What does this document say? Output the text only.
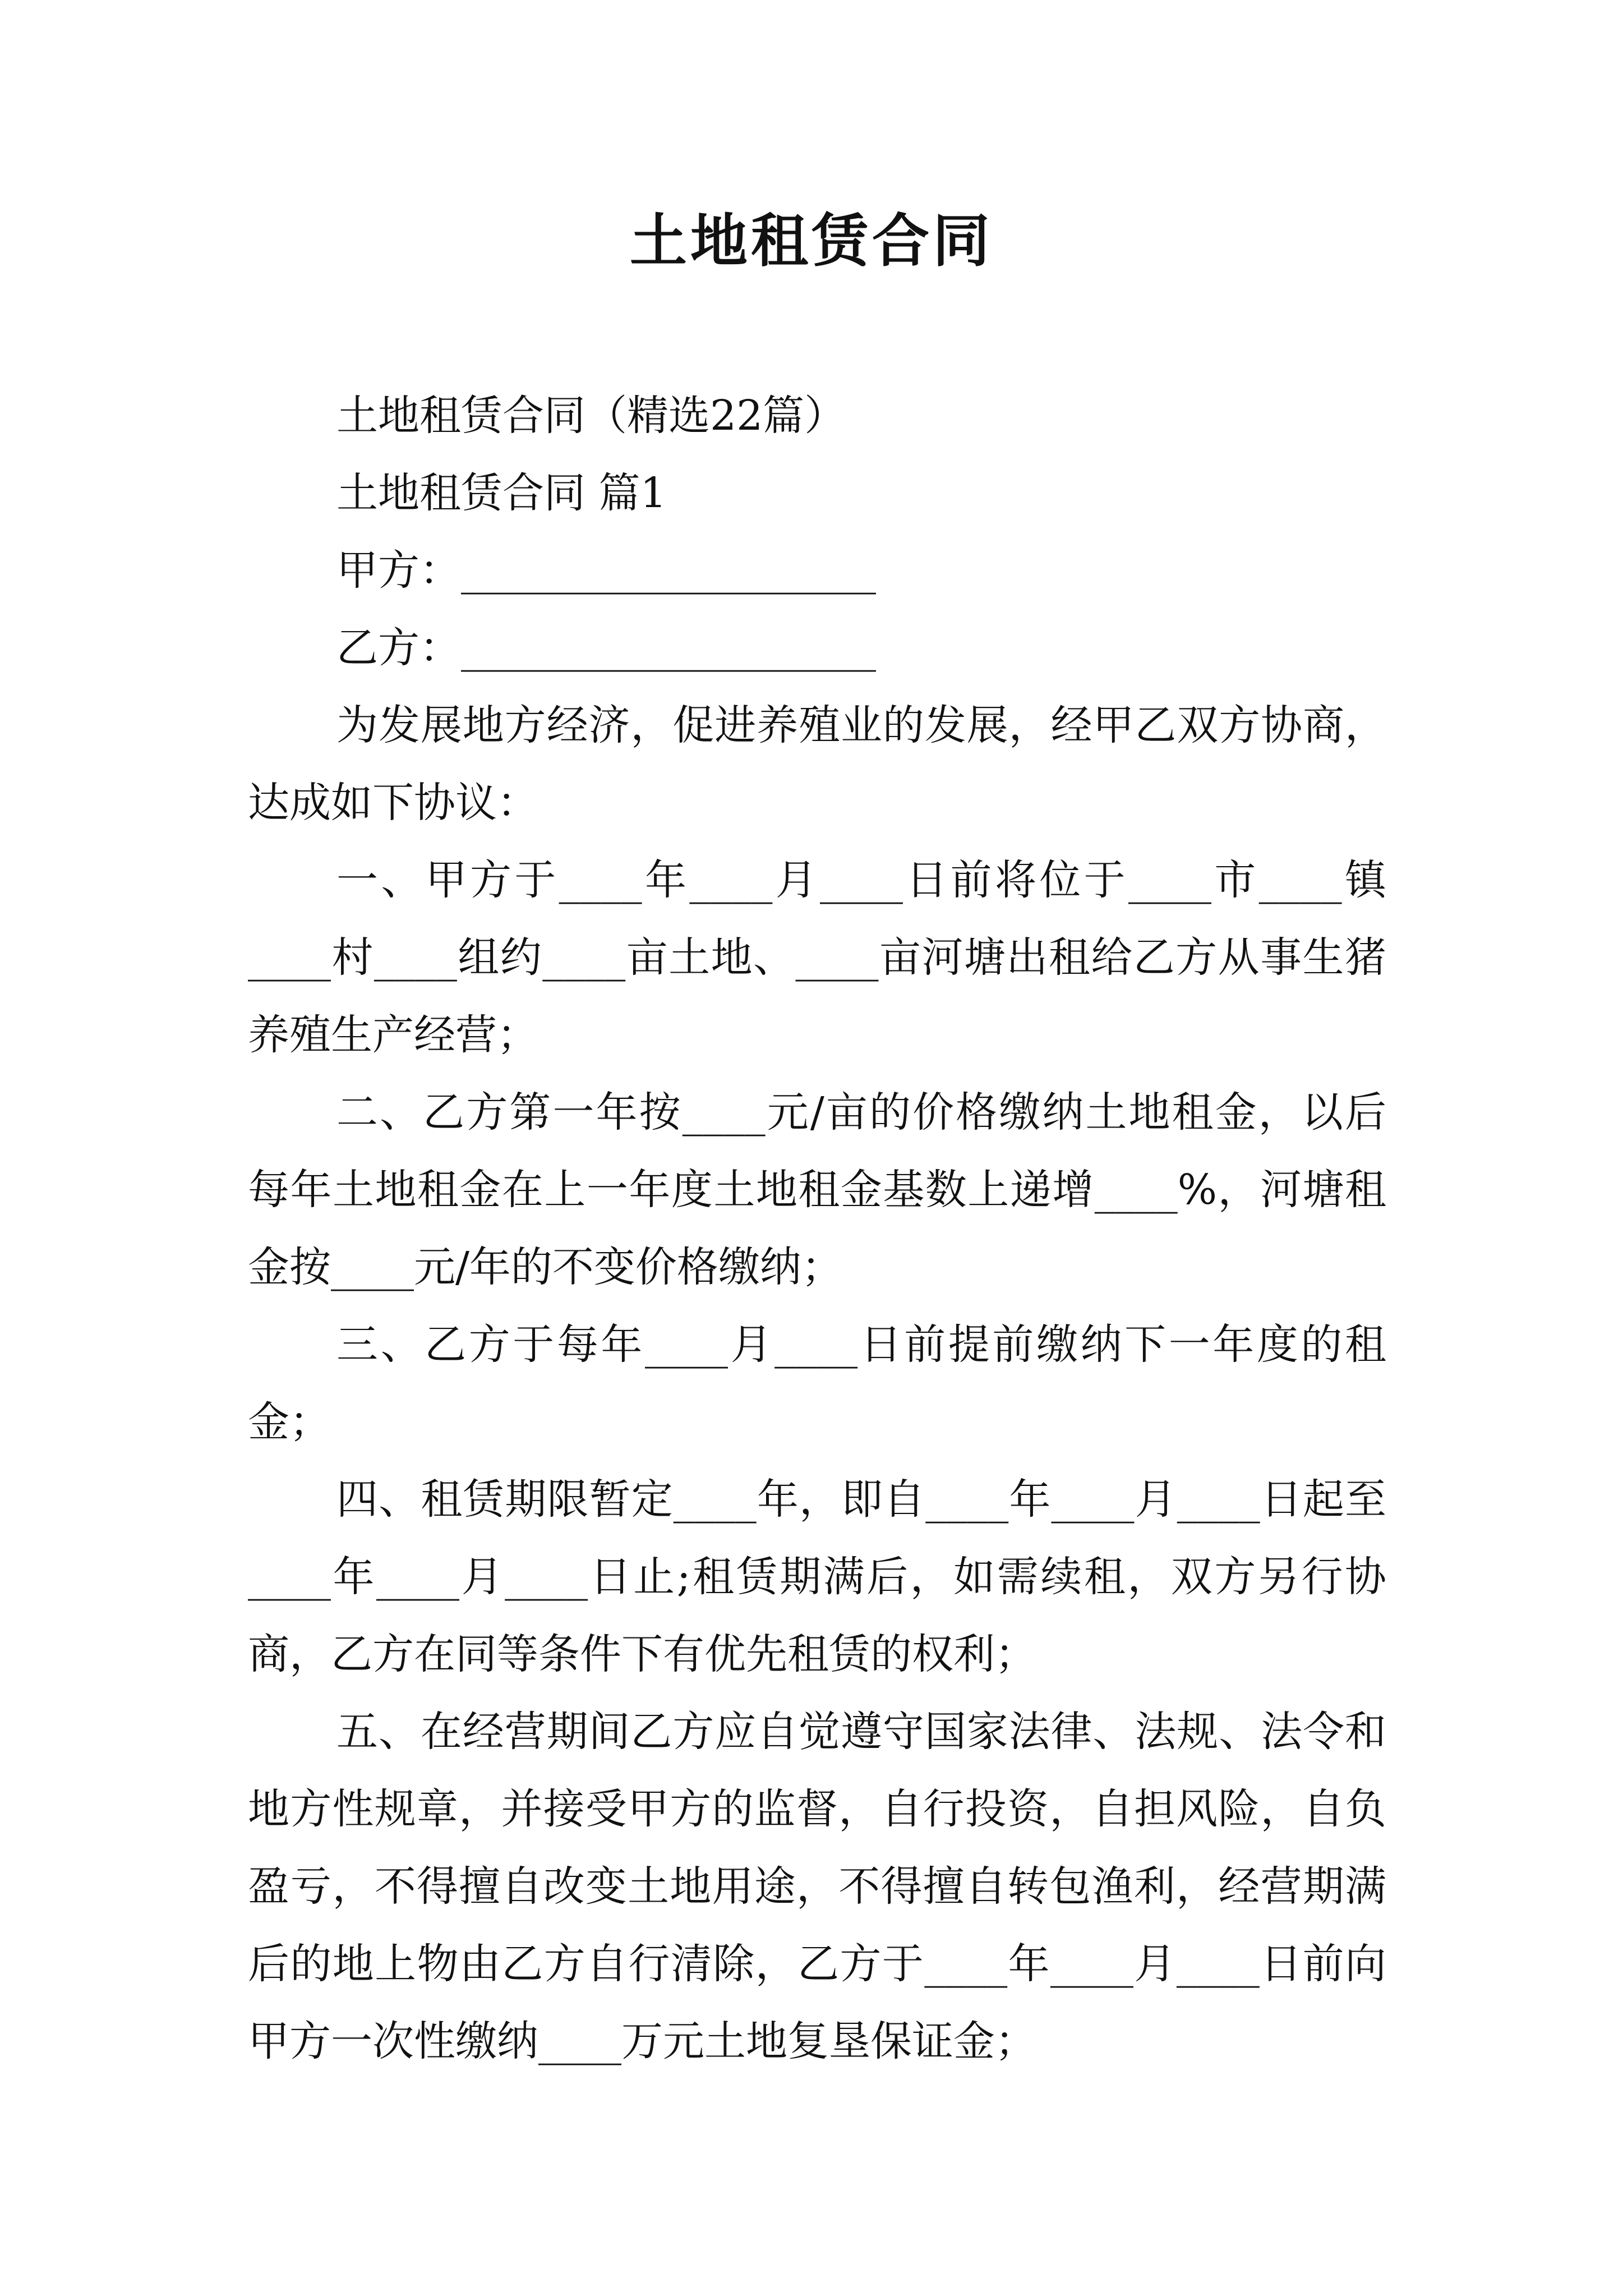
土地租赁合同

土地租赁合同（精选22篇）

土地租赁合同 篇1

甲方：____________________

乙方：____________________

为发展地方经济，促进养殖业的发展，经甲乙双方协商，达成如下协议：

一、甲方于____年____月____日前将位于____市____镇____村____组约____亩土地、____亩河塘出租给乙方从事生猪养殖生产经营；

二、乙方第一年按____元/亩的价格缴纳土地租金，以后每年土地租金在上一年度土地租金基数上递增____%，河塘租金按____元/年的不变价格缴纳；

三、乙方于每年____月____日前提前缴纳下一年度的租金；

四、租赁期限暂定____年，即自____年____月____日起至____年____月____日止;租赁期满后，如需续租，双方另行协商，乙方在同等条件下有优先租赁的权利；

五、在经营期间乙方应自觉遵守国家法律、法规、法令和地方性规章，并接受甲方的监督，自行投资，自担风险，自负盈亏，不得擅自改变土地用途，不得擅自转包渔利，经营期满后的地上物由乙方自行清除，乙方于____年____月____日前向甲方一次性缴纳____万元土地复垦保证金；
